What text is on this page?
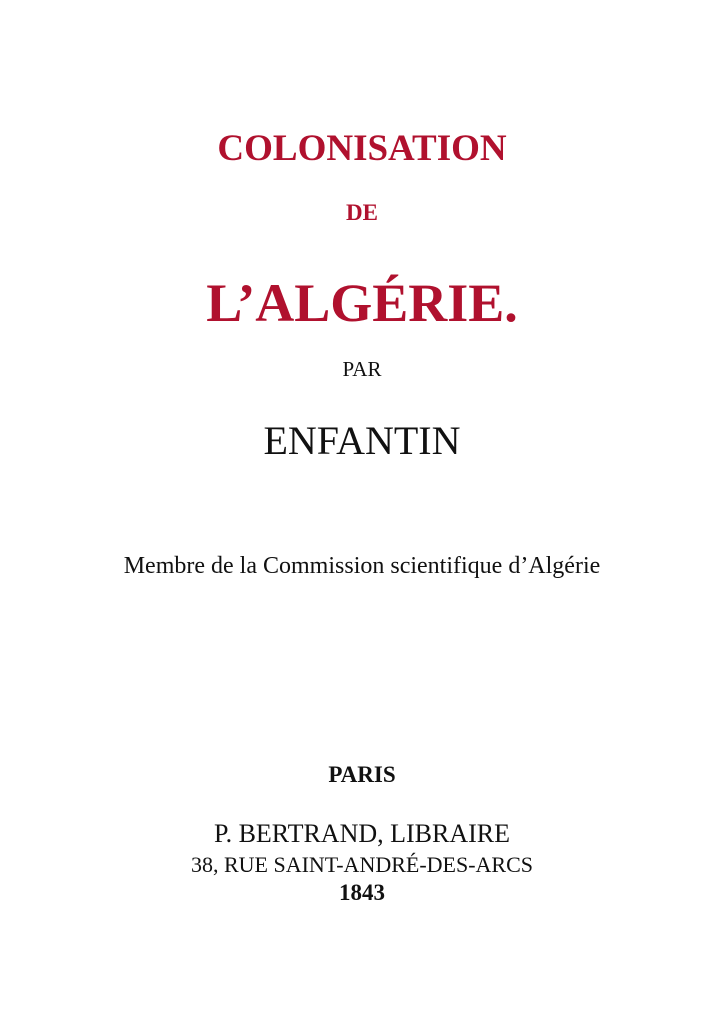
COLONISATION
DE
L’ALGÉRIE.
PAR
ENFANTIN
Membre de la Commission scientifique d’Algérie
PARIS
P. BERTRAND, LIBRAIRE
38, RUE SAINT-ANDRÉ-DES-ARCS
1843
